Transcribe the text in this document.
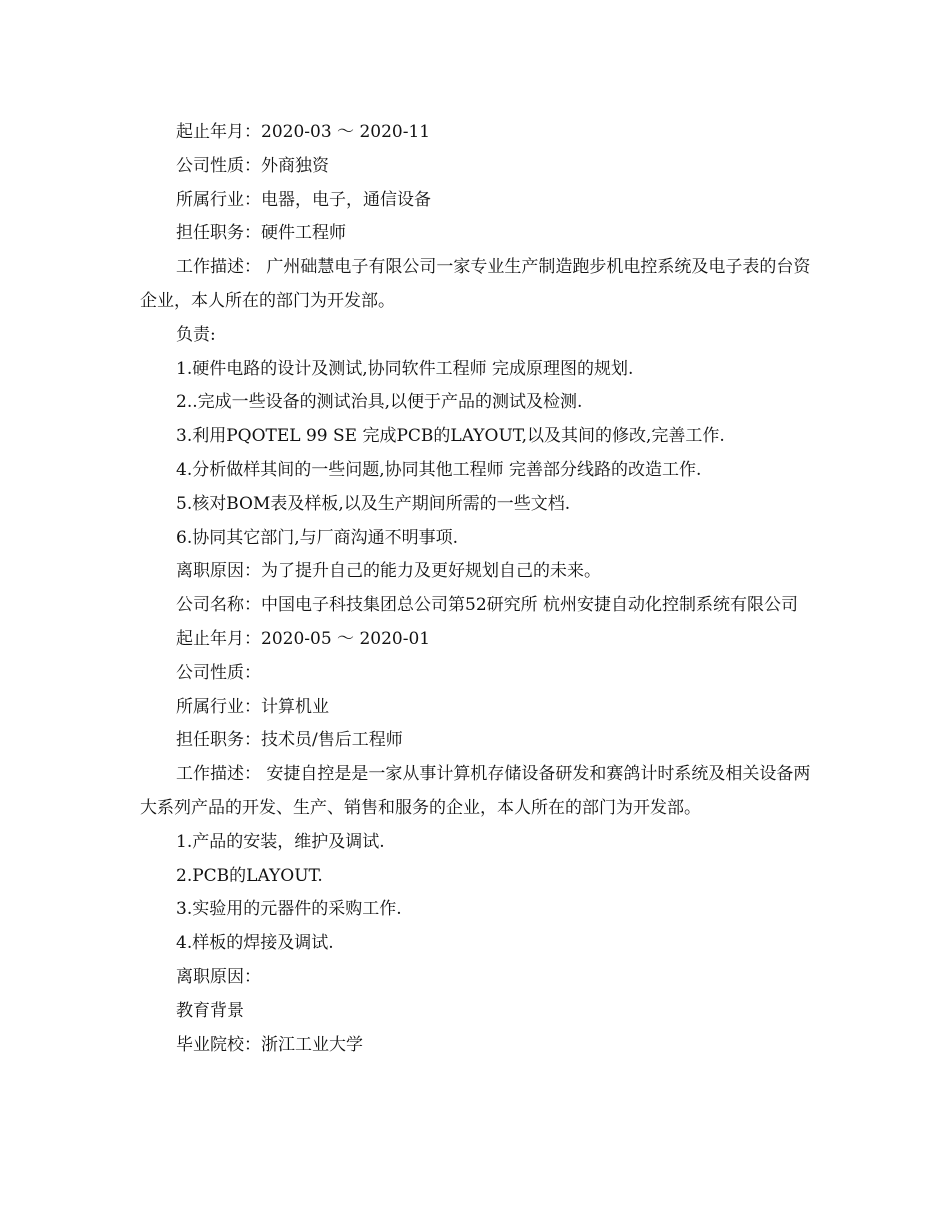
起止年月：2020-03 ～ 2020-11

公司性质：外商独资

所属行业：电器，电子，通信设备

担任职务：硬件工程师

工作描述： 广州础慧电子有限公司一家专业生产制造跑步机电控系统及电子表的台资企业，本人所在的部门为开发部。

负责:

1.硬件电路的设计及测试,协同软件工程师 完成原理图的规划.

2..完成一些设备的测试治具,以便于产品的测试及检测.

3.利用PQOTEL 99 SE 完成PCB的LAYOUT,以及其间的修改,完善工作.

4.分析做样其间的一些问题,协同其他工程师 完善部分线路的改造工作.

5.核对BOM表及样板,以及生产期间所需的一些文档.

6.协同其它部门,与厂商沟通不明事项.

离职原因：为了提升自己的能力及更好规划自己的未来。

公司名称：中国电子科技集团总公司第52研究所 杭州安捷自动化控制系统有限公司

起止年月：2020-05 ～ 2020-01

公司性质：

所属行业：计算机业

担任职务：技术员/售后工程师

工作描述： 安捷自控是是一家从事计算机存储设备研发和赛鸽计时系统及相关设备两大系列产品的开发、生产、销售和服务的企业，本人所在的部门为开发部。

1.产品的安装，维护及调试.

2.PCB的LAYOUT.

3.实验用的元器件的采购工作.

4.样板的焊接及调试.

离职原因：

教育背景

毕业院校：浙江工业大学
